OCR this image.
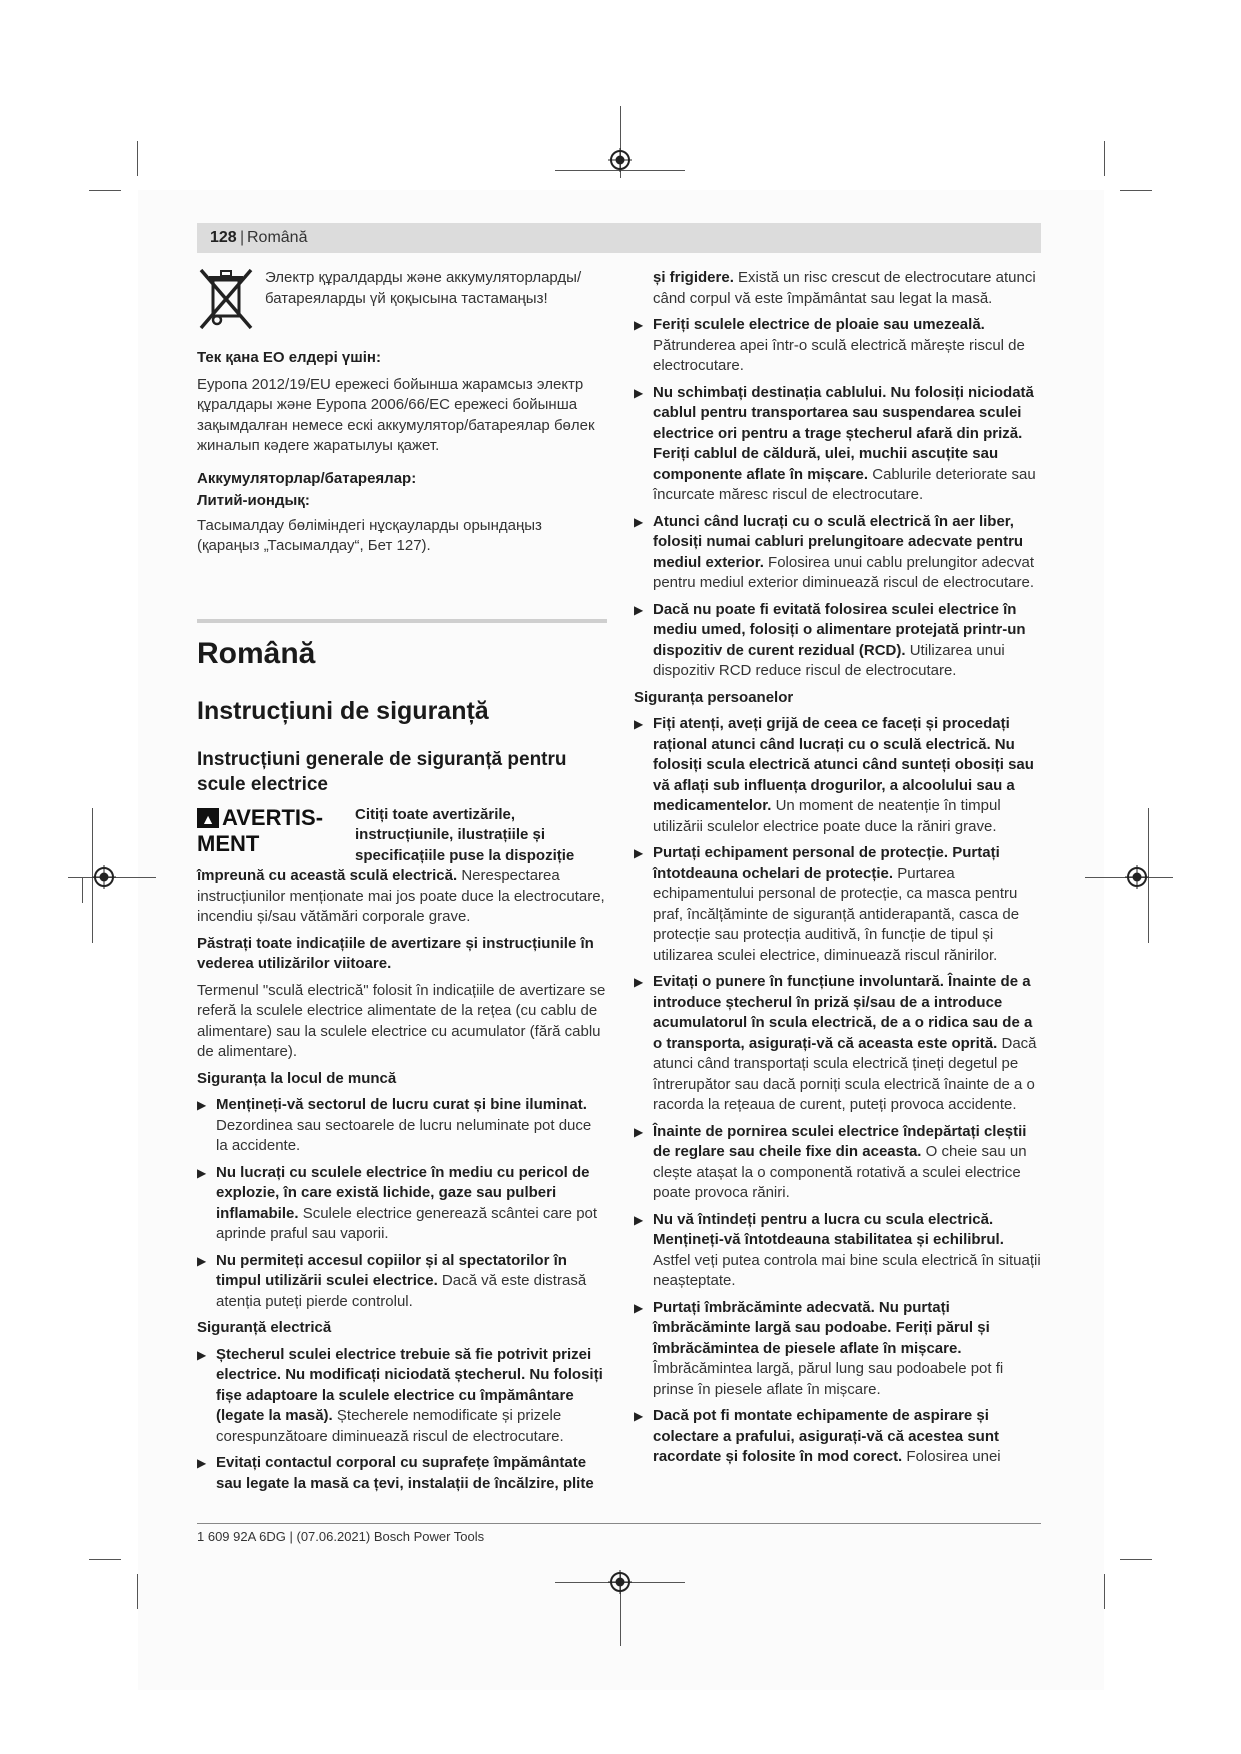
128 | Română
Электр құралдарды және аккумуляторларды/батареяларды үй қоқысына тастамаңыз!

Тек қана ЕО елдері үшін:

Еуропа 2012/19/EU ережесі бойынша жарамсыз электр құралдары және Еуропа 2006/66/EC ережесі бойынша зақымдалған немесе ескі аккумулятор/батареялар бөлек жиналып кәдеге жаратылуы қажет.

Аккумуляторлар/батареялар:

Литий-иондық:

Тасымалдау бөліміндегі нұсқауларды орындаңыз (қараңыз „Тасымалдау“, Бет 127).

Română
Instrucțiuni de siguranță
Instrucțiuni generale de siguranță pentru scule electrice
▲ AVERTIS-
MENT
Citiți toate avertizările, instrucțiunile, ilustrațiile și specificațiile puse la dispoziție

împreună cu această sculă electrică. Nerespectarea instrucțiunilor menționate mai jos poate duce la electrocutare, incendiu și/sau vătămări corporale grave.

Păstrați toate indicațiile de avertizare și instrucțiunile în vederea utilizărilor viitoare.

Termenul "sculă electrică" folosit în indicațiile de avertizare se referă la sculele electrice alimentate de la rețea (cu cablu de alimentare) sau la sculele electrice cu acumulator (fără cablu de alimentare).

Siguranța la locul de muncă

▶ Mențineți-vă sectorul de lucru curat și bine iluminat. Dezordinea sau sectoarele de lucru neluminate pot duce la accidente.
▶ Nu lucrați cu sculele electrice în mediu cu pericol de explozie, în care există lichide, gaze sau pulberi inflamabile. Sculele electrice generează scântei care pot aprinde praful sau vaporii.
▶ Nu permiteți accesul copiilor și al spectatorilor în timpul utilizării sculei electrice. Dacă vă este distrasă atenția puteți pierde controlul.

Siguranță electrică

▶ Ștecherul sculei electrice trebuie să fie potrivit prizei electrice. Nu modificați niciodată ștecherul. Nu folosiți fișe adaptoare la sculele electrice cu împământare (legate la masă). Ștecherele nemodificate și prizele corespunzătoare diminuează riscul de electrocutare.
▶ Evitați contactul corporal cu suprafețe împământate sau legate la masă ca țevi, instalații de încălzire, plite

și frigidere. Există un risc crescut de electrocutare atunci când corpul vă este împământat sau legat la masă.

▶ Feriți sculele electrice de ploaie sau umezeală. Pătrunderea apei într-o sculă electrică mărește riscul de electrocutare.
▶ Nu schimbați destinația cablului. Nu folosiți niciodată cablul pentru transportarea sau suspendarea sculei electrice ori pentru a trage ștecherul afară din priză. Feriți cablul de căldură, ulei, muchii ascuțite sau componente aflate în mișcare. Cablurile deteriorate sau încurcate măresc riscul de electrocutare.
▶ Atunci când lucrați cu o sculă electrică în aer liber, folosiți numai cabluri prelungitoare adecvate pentru mediul exterior. Folosirea unui cablu prelungitor adecvat pentru mediul exterior diminuează riscul de electrocutare.
▶ Dacă nu poate fi evitată folosirea sculei electrice în mediu umed, folosiți o alimentare protejată printr-un dispozitiv de curent rezidual (RCD). Utilizarea unui dispozitiv RCD reduce riscul de electrocutare.

Siguranța persoanelor

▶ Fiți atenți, aveți grijă de ceea ce faceți și procedați rațional atunci când lucrați cu o sculă electrică. Nu folosiți scula electrică atunci când sunteți obosiți sau vă aflați sub influența drogurilor, a alcoolului sau a medicamentelor. Un moment de neatenție în timpul utilizării sculelor electrice poate duce la răniri grave.
▶ Purtați echipament personal de protecție. Purtați întotdeauna ochelari de protecție. Purtarea echipamentului personal de protecție, ca masca pentru praf, încălțăminte de siguranță antiderapantă, casca de protecție sau protecția auditivă, în funcție de tipul și utilizarea sculei electrice, diminuează riscul rănirilor.
▶ Evitați o punere în funcțiune involuntară. Înainte de a introduce ștecherul în priză și/sau de a introduce acumulatorul în scula electrică, de a o ridica sau de a o transporta, asigurați-vă că aceasta este oprită. Dacă atunci când transportați scula electrică țineți degetul pe întrerupător sau dacă porniți scula electrică înainte de a o racorda la rețeaua de curent, puteți provoca accidente.
▶ Înainte de pornirea sculei electrice îndepărtați cleștii de reglare sau cheile fixe din aceasta. O cheie sau un clește atașat la o componentă rotativă a sculei electrice poate provoca răniri.
▶ Nu vă întindeți pentru a lucra cu scula electrică. Mențineți-vă întotdeauna stabilitatea și echilibrul. Astfel veți putea controla mai bine scula electrică în situații neașteptate.
▶ Purtați îmbrăcăminte adecvată. Nu purtați îmbrăcăminte largă sau podoabe. Feriți părul și îmbrăcămintea de piesele aflate în mișcare. Îmbrăcămintea largă, părul lung sau podoabele pot fi prinse în piesele aflate în mișcare.
▶ Dacă pot fi montate echipamente de aspirare și colectare a prafului, asigurați-vă că acestea sunt racordate și folosite în mod corect. Folosirea unei
1 609 92A 6DG | (07.06.2021) Bosch Power Tools
